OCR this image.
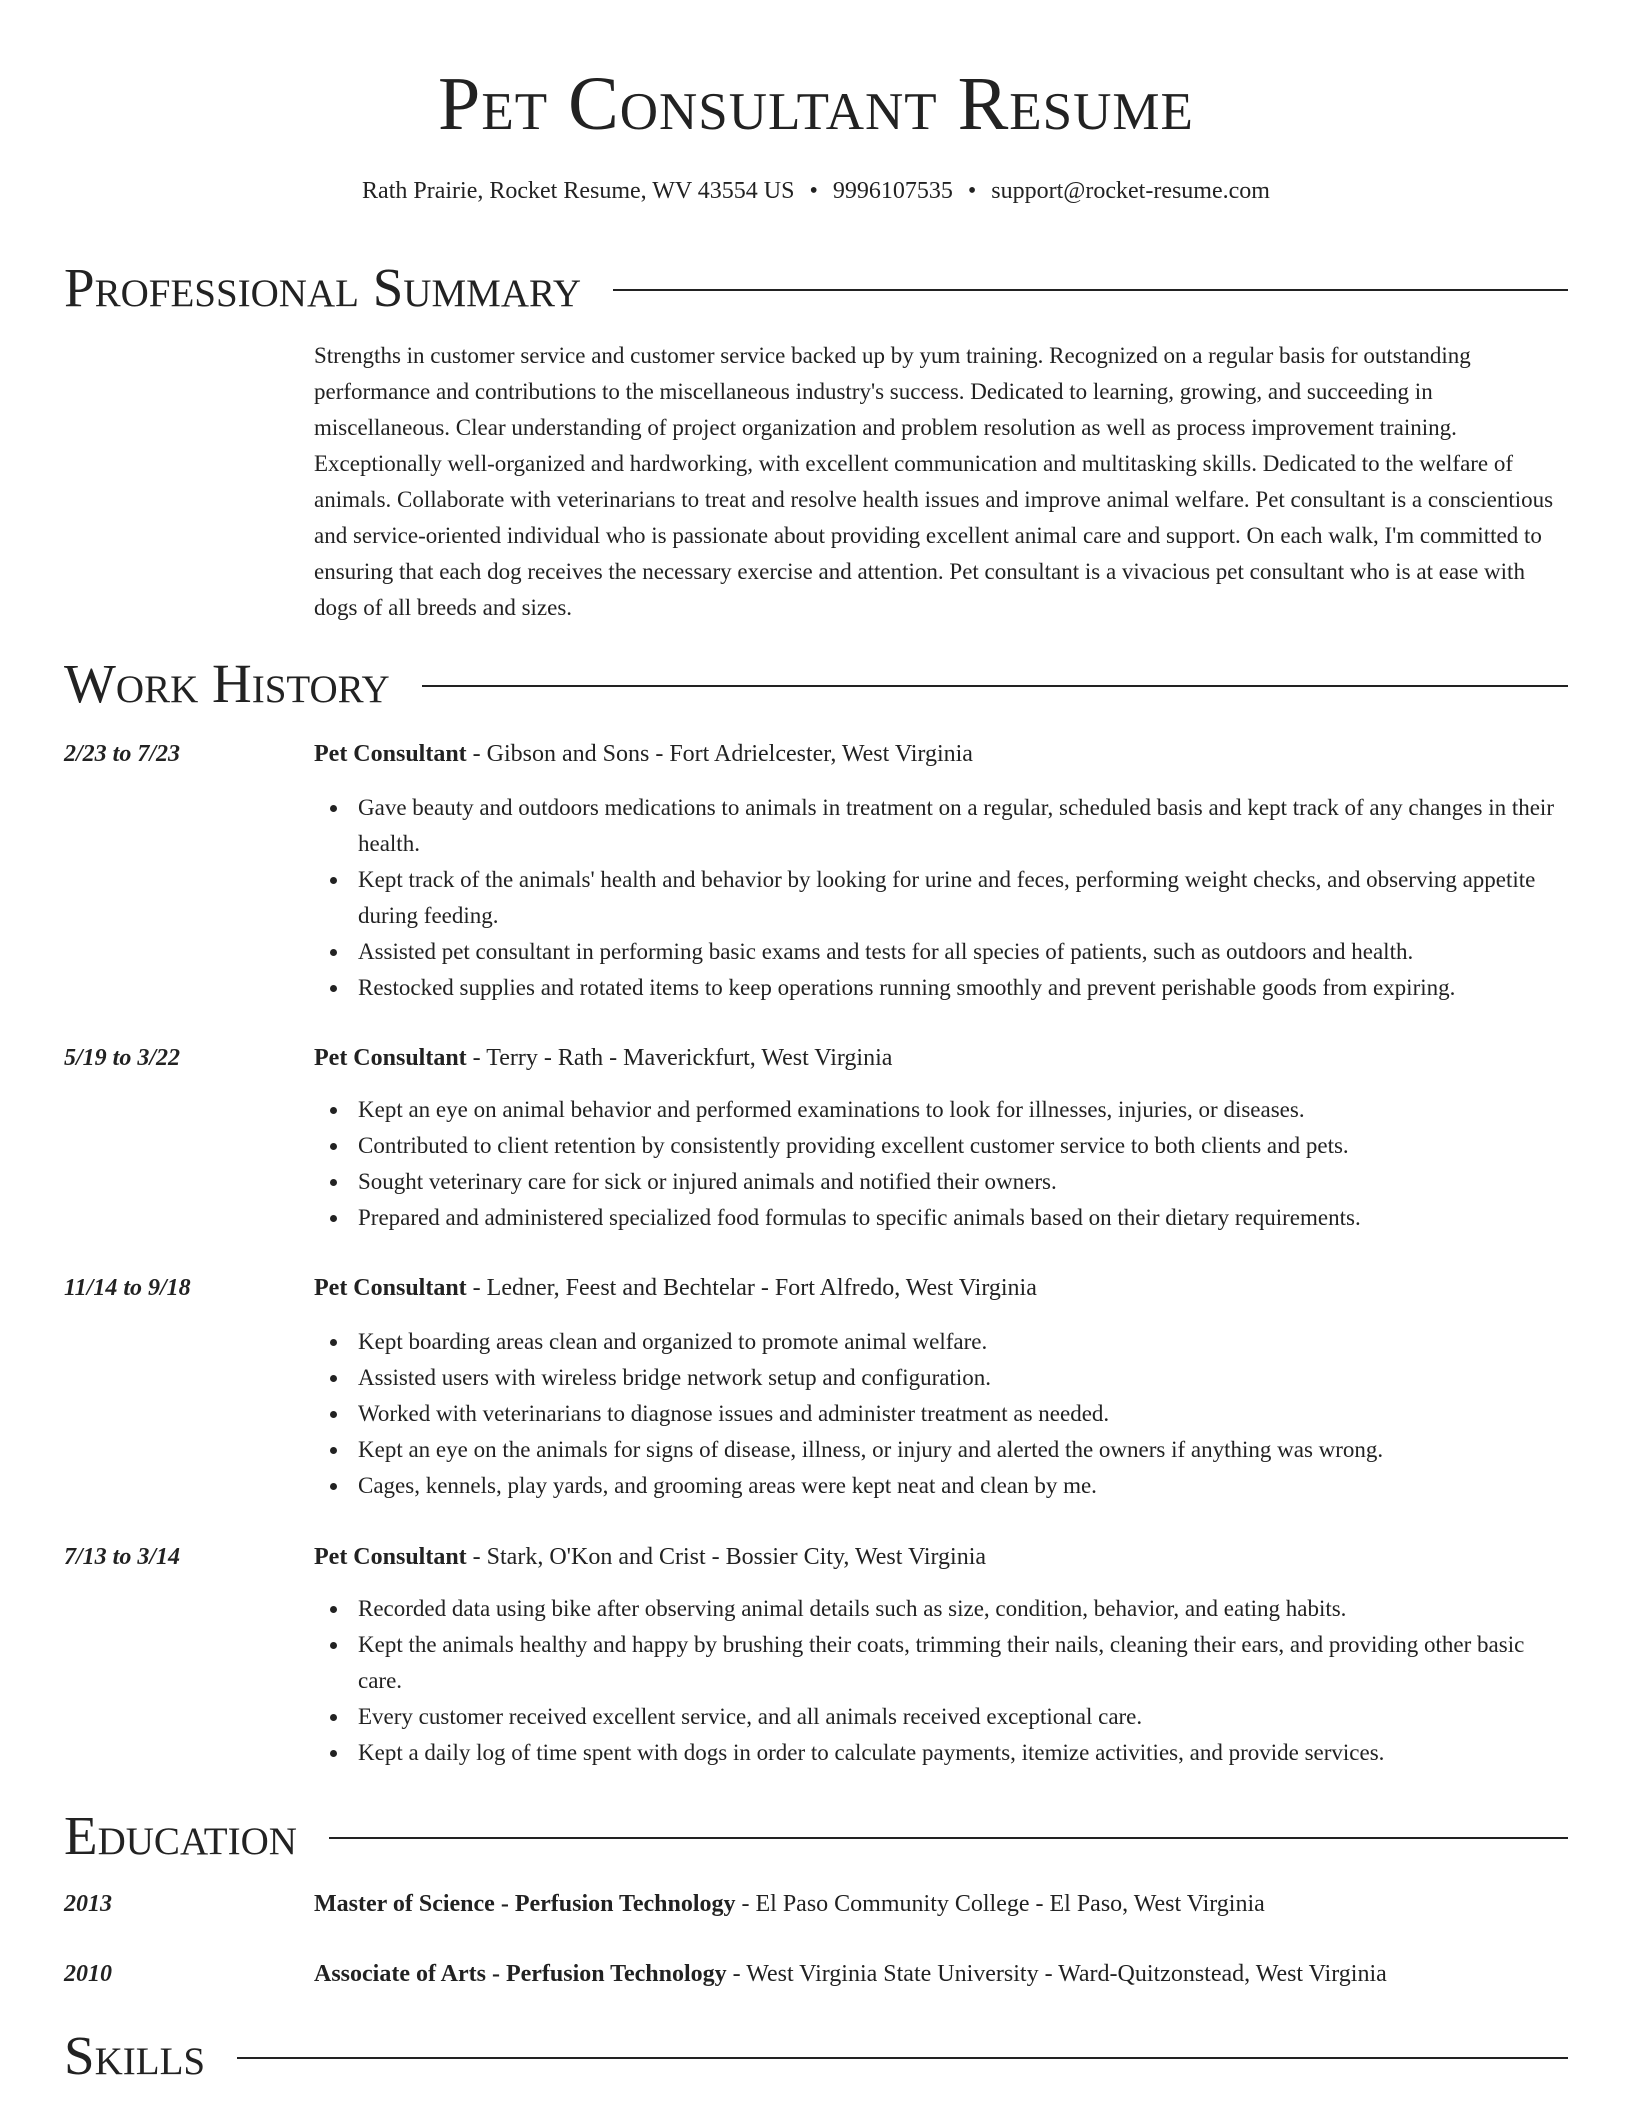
Pet Consultant Resume
Rath Prairie, Rocket Resume, WV 43554 US • 9996107535 • support@rocket-resume.com
Professional Summary

Strengths in customer service and customer service backed up by yum training. Recognized on a regular basis for outstanding performance and contributions to the miscellaneous industry's success. Dedicated to learning, growing, and succeeding in miscellaneous. Clear understanding of project organization and problem resolution as well as process improvement training. Exceptionally well-organized and hardworking, with excellent communication and multitasking skills. Dedicated to the welfare of animals. Collaborate with veterinarians to treat and resolve health issues and improve animal welfare. Pet consultant is a conscientious and service-oriented individual who is passionate about providing excellent animal care and support. On each walk, I'm committed to ensuring that each dog receives the necessary exercise and attention. Pet consultant is a vivacious pet consultant who is at ease with dogs of all breeds and sizes.

Work History
2/23 to 7/23	Pet Consultant - Gibson and Sons - Fort Adrielcester, West Virginia
Gave beauty and outdoors medications to animals in treatment on a regular, scheduled basis and kept track of any changes in their health.
Kept track of the animals' health and behavior by looking for urine and feces, performing weight checks, and observing appetite during feeding.
Assisted pet consultant in performing basic exams and tests for all species of patients, such as outdoors and health.
Restocked supplies and rotated items to keep operations running smoothly and prevent perishable goods from expiring.
5/19 to 3/22	Pet Consultant - Terry - Rath - Maverickfurt, West Virginia
Kept an eye on animal behavior and performed examinations to look for illnesses, injuries, or diseases.
Contributed to client retention by consistently providing excellent customer service to both clients and pets.
Sought veterinary care for sick or injured animals and notified their owners.
Prepared and administered specialized food formulas to specific animals based on their dietary requirements.
11/14 to 9/18	Pet Consultant - Ledner, Feest and Bechtelar - Fort Alfredo, West Virginia
Kept boarding areas clean and organized to promote animal welfare.
Assisted users with wireless bridge network setup and configuration.
Worked with veterinarians to diagnose issues and administer treatment as needed.
Kept an eye on the animals for signs of disease, illness, or injury and alerted the owners if anything was wrong.
Cages, kennels, play yards, and grooming areas were kept neat and clean by me.
7/13 to 3/14	Pet Consultant - Stark, O'Kon and Crist - Bossier City, West Virginia
Recorded data using bike after observing animal details such as size, condition, behavior, and eating habits.
Kept the animals healthy and happy by brushing their coats, trimming their nails, cleaning their ears, and providing other basic care.
Every customer received excellent service, and all animals received exceptional care.
Kept a daily log of time spent with dogs in order to calculate payments, itemize activities, and provide services.
Education
2013	Master of Science - Perfusion Technology - El Paso Community College - El Paso, West Virginia
2010	Associate of Arts - Perfusion Technology - West Virginia State University - Ward-Quitzonstead, West Virginia
Skills
